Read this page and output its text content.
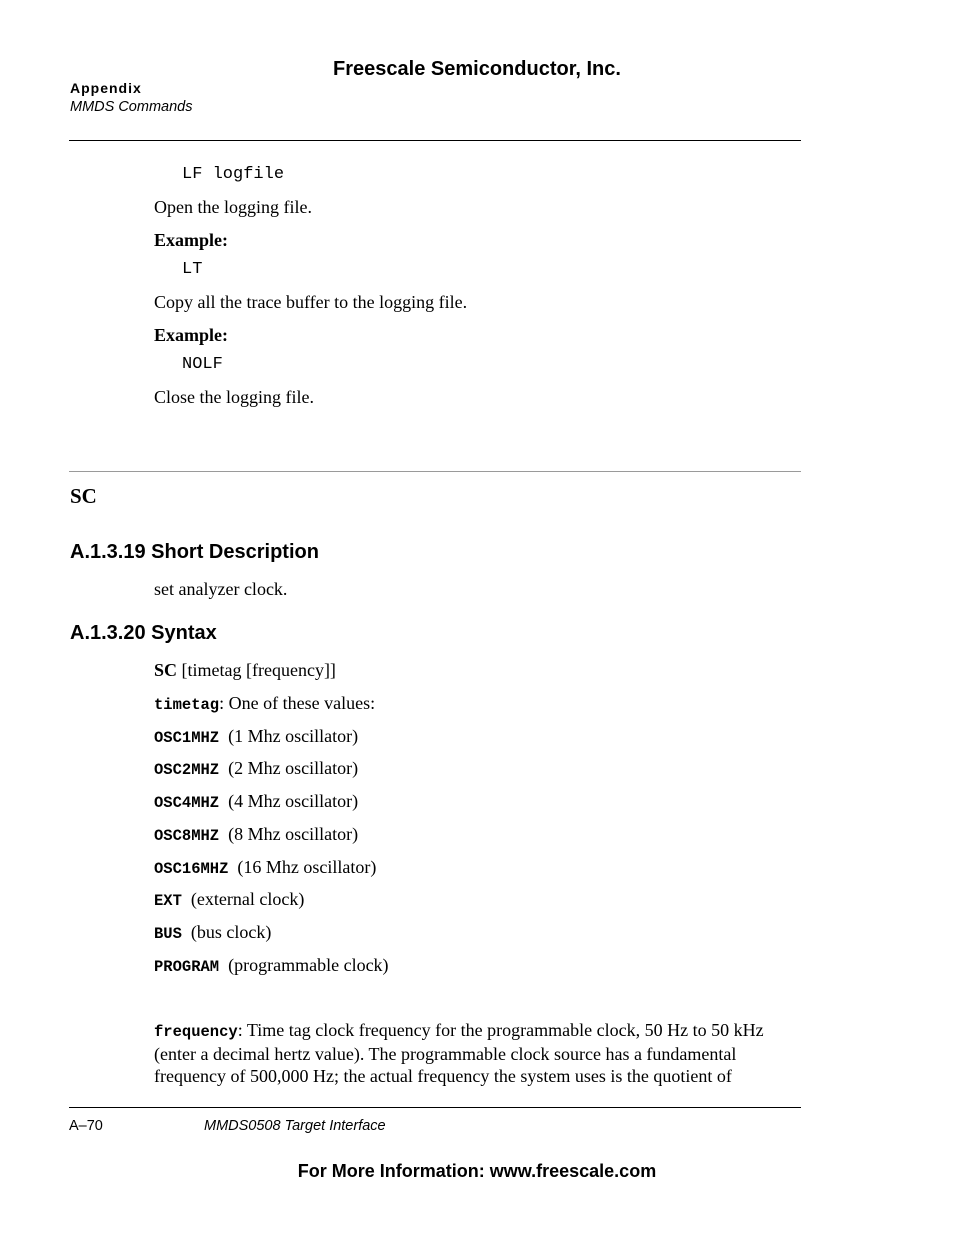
Freescale Semiconductor, Inc.
Appendix
MMDS Commands
LF logfile
Open the logging file.
Example:
LT
Copy all the trace buffer to the logging file.
Example:
NOLF
Close the logging file.
SC
A.1.3.19 Short Description
set analyzer clock.
A.1.3.20 Syntax
SC [timetag [frequency]]
timetag: One of these values:
OSC1MHZ (1 Mhz oscillator)
OSC2MHZ (2 Mhz oscillator)
OSC4MHZ (4 Mhz oscillator)
OSC8MHZ (8 Mhz oscillator)
OSC16MHZ (16 Mhz oscillator)
EXT (external clock)
BUS (bus clock)
PROGRAM (programmable clock)
frequency: Time tag clock frequency for the programmable clock, 50 Hz to 50 kHz (enter a decimal hertz value). The programmable clock source has a fundamental frequency of 500,000 Hz; the actual frequency the system uses is the quotient of
A–70	MMDS0508 Target Interface
For More Information: www.freescale.com
